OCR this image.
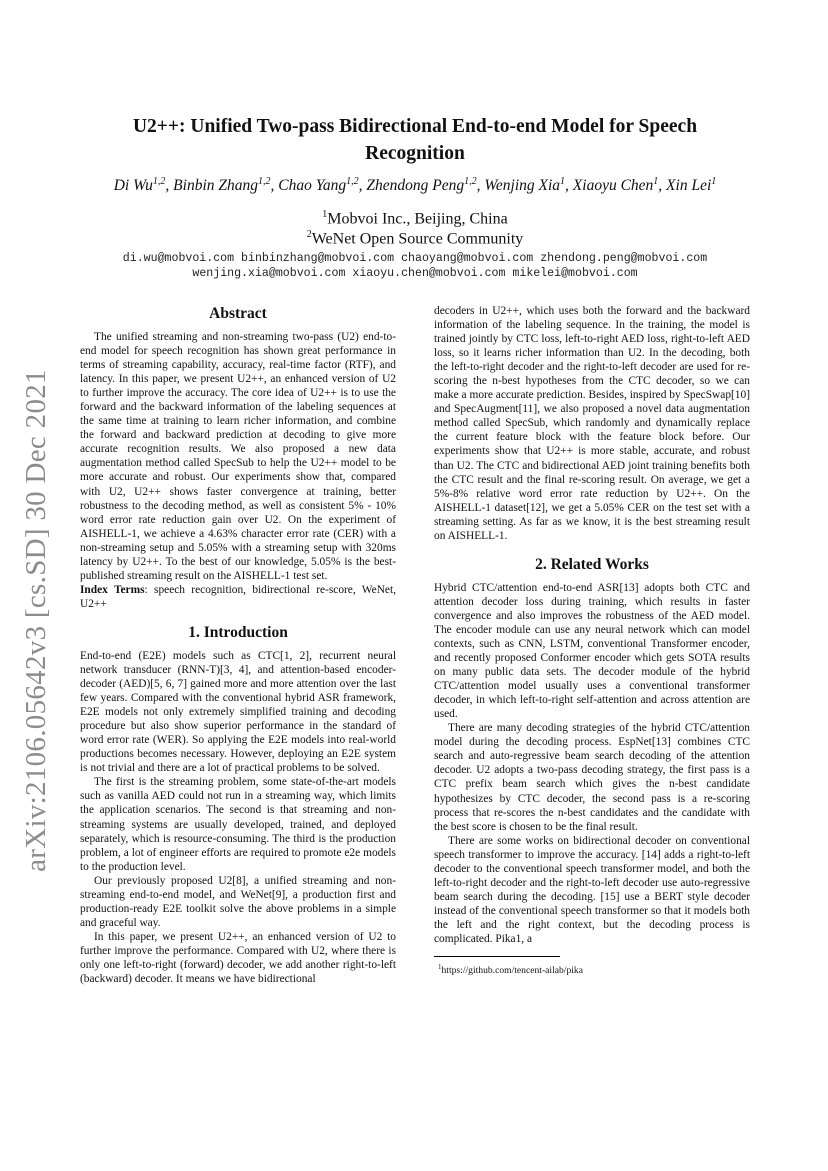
arXiv:2106.05642v3 [cs.SD] 30 Dec 2021
U2++: Unified Two-pass Bidirectional End-to-end Model for Speech
Recognition
Di Wu$^{1,2}$, Binbin Zhang$^{1,2}$, Chao Yang$^{1,2}$, Zhendong Peng$^{1,2}$, Wenjing Xia$^1$, Xiaoyu Chen$^1$, Xin Lei$^1$
$^1$Mobvoi Inc., Beijing, China
$^2$WeNet Open Source Community
di.wu@mobvoi.com binbinzhang@mobvoi.com chaoyang@mobvoi.com zhendong.peng@mobvoi.com
wenjing.xia@mobvoi.com xiaoyu.chen@mobvoi.com mikelei@mobvoi.com
Abstract

The unified streaming and non-streaming two-pass (U2) end-to-end model for speech recognition has shown great performance in terms of streaming capability, accuracy, real-time factor (RTF), and latency. In this paper, we present U2++, an enhanced version of U2 to further improve the accuracy. The core idea of U2++ is to use the forward and the backward information of the labeling sequences at the same time at training to learn richer information, and combine the forward and backward prediction at decoding to give more accurate recognition results. We also proposed a new data augmentation method called SpecSub to help the U2++ model to be more accurate and robust. Our experiments show that, compared with U2, U2++ shows faster convergence at training, better robustness to the decoding method, as well as consistent 5% - 10% word error rate reduction gain over U2. On the experiment of AISHELL-1, we achieve a 4.63% character error rate (CER) with a non-streaming setup and 5.05% with a streaming setup with 320ms latency by U2++. To the best of our knowledge, 5.05% is the best-published streaming result on the AISHELL-1 test set.

Index Terms: speech recognition, bidirectional re-score, WeNet, U2++
1. Introduction

End-to-end (E2E) models such as CTC[1, 2], recurrent neural network transducer (RNN-T)[3, 4], and attention-based encoder-decoder (AED)[5, 6, 7] gained more and more attention over the last few years. Compared with the conventional hybrid ASR framework, E2E models not only extremely simplified training and decoding procedure but also show superior performance in the standard of word error rate (WER). So applying the E2E models into real-world productions becomes necessary. However, deploying an E2E system is not trivial and there are a lot of practical problems to be solved.

The first is the streaming problem, some state-of-the-art models such as vanilla AED could not run in a streaming way, which limits the application scenarios. The second is that streaming and non-streaming systems are usually developed, trained, and deployed separately, which is resource-consuming. The third is the production problem, a lot of engineer efforts are required to promote e2e models to the production level.

Our previously proposed U2[8], a unified streaming and non-streaming end-to-end model, and WeNet[9], a production first and production-ready E2E toolkit solve the above problems in a simple and graceful way.

In this paper, we present U2++, an enhanced version of U2 to further improve the performance. Compared with U2, where there is only one left-to-right (forward) decoder, we add another right-to-left (backward) decoder. It means we have bidirectional

decoders in U2++, which uses both the forward and the backward information of the labeling sequence. In the training, the model is trained jointly by CTC loss, left-to-right AED loss, right-to-left AED loss, so it learns richer information than U2. In the decoding, both the left-to-right decoder and the right-to-left decoder are used for re-scoring the n-best hypotheses from the CTC decoder, so we can make a more accurate prediction. Besides, inspired by SpecSwap[10] and SpecAugment[11], we also proposed a novel data augmentation method called SpecSub, which randomly and dynamically replace the current feature block with the feature block before. Our experiments show that U2++ is more stable, accurate, and robust than U2. The CTC and bidirectional AED joint training benefits both the CTC result and the final re-scoring result. On average, we get a 5%-8% relative word error rate reduction by U2++. On the AISHELL-1 dataset[12], we get a 5.05% CER on the test set with a streaming setting. As far as we know, it is the best streaming result on AISHELL-1.

2. Related Works

Hybrid CTC/attention end-to-end ASR[13] adopts both CTC and attention decoder loss during training, which results in faster convergence and also improves the robustness of the AED model. The encoder module can use any neural network which can model contexts, such as CNN, LSTM, conventional Transformer encoder, and recently proposed Conformer encoder which gets SOTA results on many public data sets. The decoder module of the hybrid CTC/attention model usually uses a conventional transformer decoder, in which left-to-right self-attention and across attention are used.

There are many decoding strategies of the hybrid CTC/attention model during the decoding process. EspNet[13] combines CTC search and auto-regressive beam search decoding of the attention decoder. U2 adopts a two-pass decoding strategy, the first pass is a CTC prefix beam search which gives the n-best candidate hypothesizes by CTC decoder, the second pass is a re-scoring process that re-scores the n-best candidates and the candidate with the best score is chosen to be the final result.

There are some works on bidirectional decoder on conventional speech transformer to improve the accuracy. [14] adds a right-to-left decoder to the conventional speech transformer model, and both the left-to-right decoder and the right-to-left decoder use auto-regressive beam search during the decoding. [15] use a BERT style decoder instead of the conventional speech transformer so that it models both the left and the right context, but the decoding process is complicated. Pika1, a

$^1$https://github.com/tencent-ailab/pika
